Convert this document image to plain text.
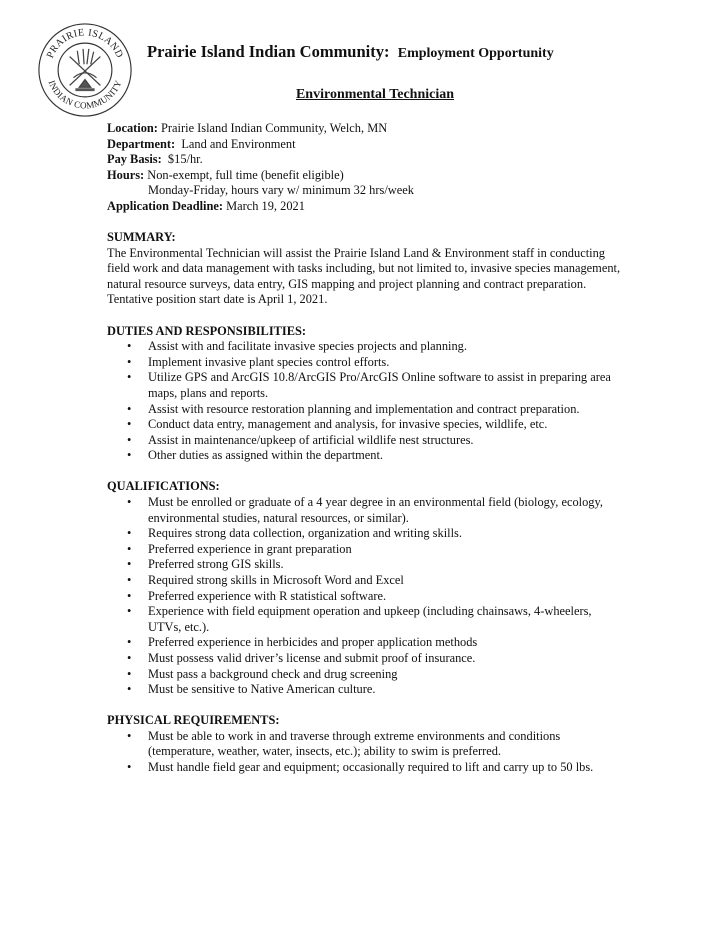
PRAIRIE ISLAND
INDIAN COMMUNITY
Prairie Island Indian Community: Employment Opportunity
Environmental Technician
Location: Prairie Island Indian Community, Welch, MN
Department:  Land and Environment
Pay Basis:  $15/hr.
Hours: Non-exempt, full time (benefit eligible)
Monday-Friday, hours vary w/ minimum 32 hrs/week
Application Deadline: March 19, 2021
SUMMARY:
The Environmental Technician will assist the Prairie Island Land & Environment staff in conducting field work and data management with tasks including, but not limited to, invasive species management, natural resource surveys, data entry, GIS mapping and project planning and contract preparation. Tentative position start date is April 1, 2021.
DUTIES AND RESPONSIBILITIES:
• Assist with and facilitate invasive species projects and planning.
• Implement invasive plant species control efforts.
• Utilize GPS and ArcGIS 10.8/ArcGIS Pro/ArcGIS Online software to assist in preparing area maps, plans and reports.
• Assist with resource restoration planning and implementation and contract preparation.
• Conduct data entry, management and analysis, for invasive species, wildlife, etc.
• Assist in maintenance/upkeep of artificial wildlife nest structures.
• Other duties as assigned within the department.
QUALIFICATIONS:
• Must be enrolled or graduate of a 4 year degree in an environmental field (biology, ecology, environmental studies, natural resources, or similar).
• Requires strong data collection, organization and writing skills.
• Preferred experience in grant preparation
• Preferred strong GIS skills.
• Required strong skills in Microsoft Word and Excel
• Preferred experience with R statistical software.
• Experience with field equipment operation and upkeep (including chainsaws, 4-wheelers, UTVs, etc.).
• Preferred experience in herbicides and proper application methods
• Must possess valid driver’s license and submit proof of insurance.
• Must pass a background check and drug screening
• Must be sensitive to Native American culture.
PHYSICAL REQUIREMENTS:
• Must be able to work in and traverse through extreme environments and conditions (temperature, weather, water, insects, etc.); ability to swim is preferred.
• Must handle field gear and equipment; occasionally required to lift and carry up to 50 lbs.
